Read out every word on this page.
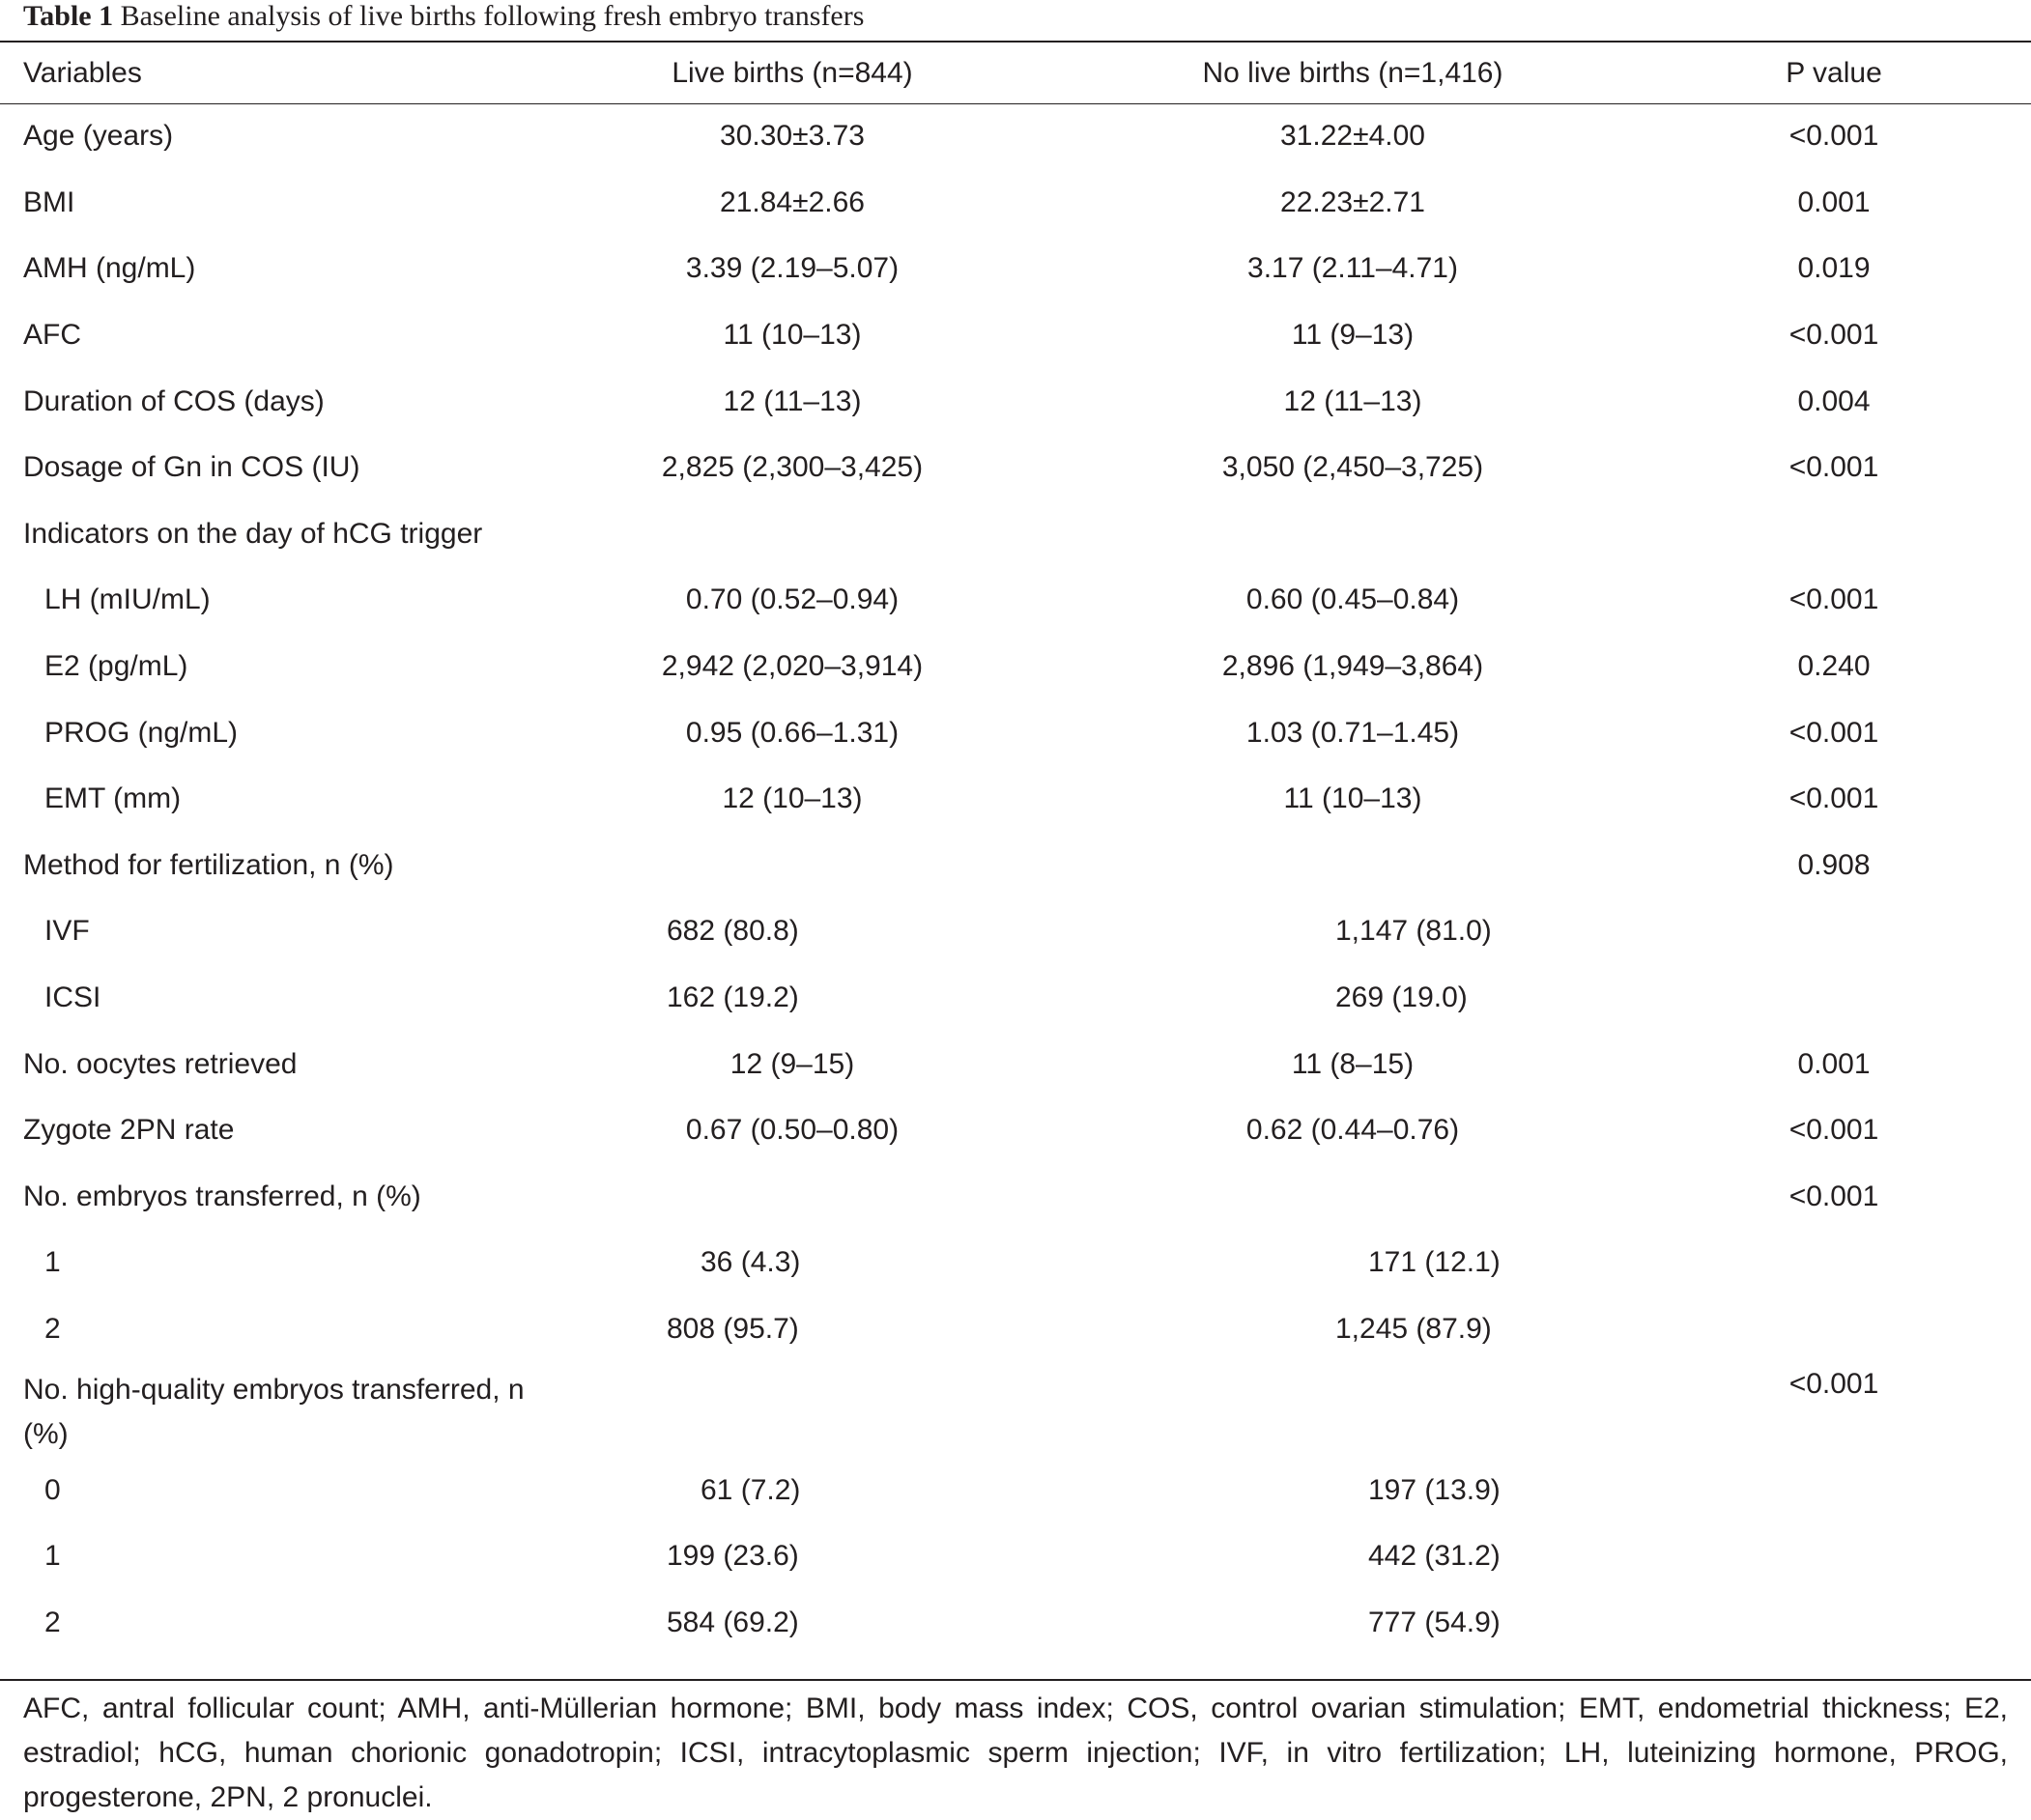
Table 1 Baseline analysis of live births following fresh embryo transfers
Variables	Live births (n=844)	No live births (n=1,416)	P value
Age (years)	30.30±3.73	31.22±4.00	<0.001
BMI	21.84±2.66	22.23±2.71	0.001
AMH (ng/mL)	3.39 (2.19–5.07)	3.17 (2.11–4.71)	0.019
AFC	11 (10–13)	11 (9–13)	<0.001
Duration of COS (days)	12 (11–13)	12 (11–13)	0.004
Dosage of Gn in COS (IU)	2,825 (2,300–3,425)	3,050 (2,450–3,725)	<0.001
Indicators on the day of hCG trigger			
LH (mIU/mL)	0.70 (0.52–0.94)	0.60 (0.45–0.84)	<0.001
E2 (pg/mL)	2,942 (2,020–3,914)	2,896 (1,949–3,864)	0.240
PROG (ng/mL)	0.95 (0.66–1.31)	1.03 (0.71–1.45)	<0.001
EMT (mm)	12 (10–13)	11 (10–13)	<0.001
Method for fertilization, n (%)			0.908
IVF	682 (80.8)	1,147 (81.0)	
ICSI	162 (19.2)	269 (19.0)	
No. oocytes retrieved	12 (9–15)	11 (8–15)	0.001
Zygote 2PN rate	0.67 (0.50–0.80)	0.62 (0.44–0.76)	<0.001
No. embryos transferred, n (%)			<0.001
1	36 (4.3)	171 (12.1)	
2	808 (95.7)	1,245 (87.9)	
No. high-quality embryos transferred, n (%)			<0.001
0	61 (7.2)	197 (13.9)	
1	199 (23.6)	442 (31.2)	
2	584 (69.2)	777 (54.9)	
AFC, antral follicular count; AMH, anti-Müllerian hormone; BMI, body mass index; COS, control ovarian stimulation; EMT, endometrial thickness; E2, estradiol; hCG, human chorionic gonadotropin; ICSI, intracytoplasmic sperm injection; IVF, in vitro fertilization; LH, luteinizing hormone, PROG, progesterone, 2PN, 2 pronuclei.
